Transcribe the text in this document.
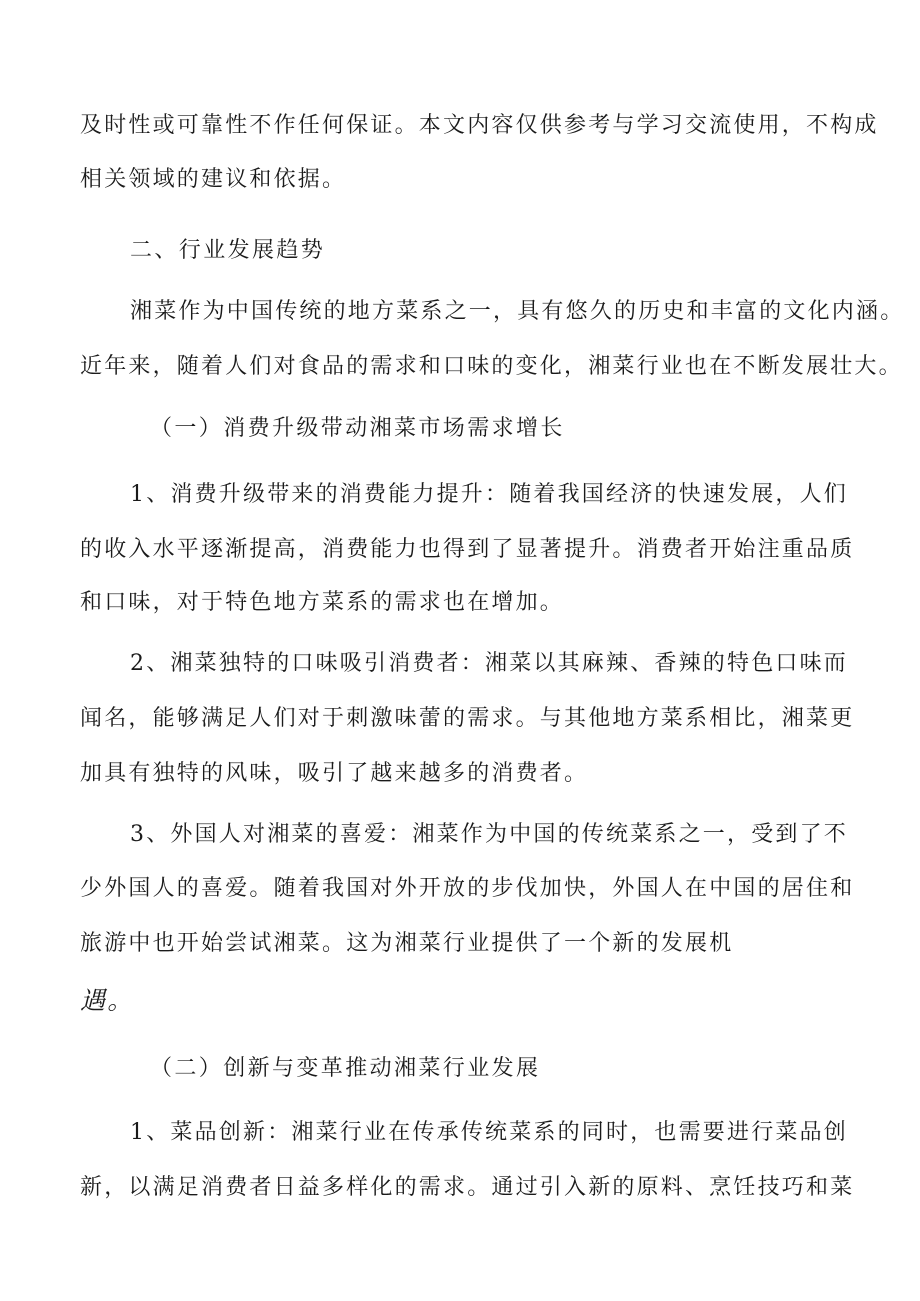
及时性或可靠性不作任何保证。本文内容仅供参考与学习交流使用，不构成
相关领域的建议和依据。
二、行业发展趋势
湘菜作为中国传统的地方菜系之一，具有悠久的历史和丰富的文化内涵。
近年来，随着人们对食品的需求和口味的变化，湘菜行业也在不断发展壮大。
（一）消费升级带动湘菜市场需求增长
1、消费升级带来的消费能力提升：随着我国经济的快速发展，人们
的收入水平逐渐提高，消费能力也得到了显著提升。消费者开始注重品质
和口味，对于特色地方菜系的需求也在增加。
2、湘菜独特的口味吸引消费者：湘菜以其麻辣、香辣的特色口味而
闻名，能够满足人们对于刺激味蕾的需求。与其他地方菜系相比，湘菜更
加具有独特的风味，吸引了越来越多的消费者。
3、外国人对湘菜的喜爱：湘菜作为中国的传统菜系之一，受到了不
少外国人的喜爱。随着我国对外开放的步伐加快，外国人在中国的居住和
旅游中也开始尝试湘菜。这为湘菜行业提供了一个新的发展机
遇。
（二）创新与变革推动湘菜行业发展
1、菜品创新：湘菜行业在传承传统菜系的同时，也需要进行菜品创
新，以满足消费者日益多样化的需求。通过引入新的原料、烹饪技巧和菜
